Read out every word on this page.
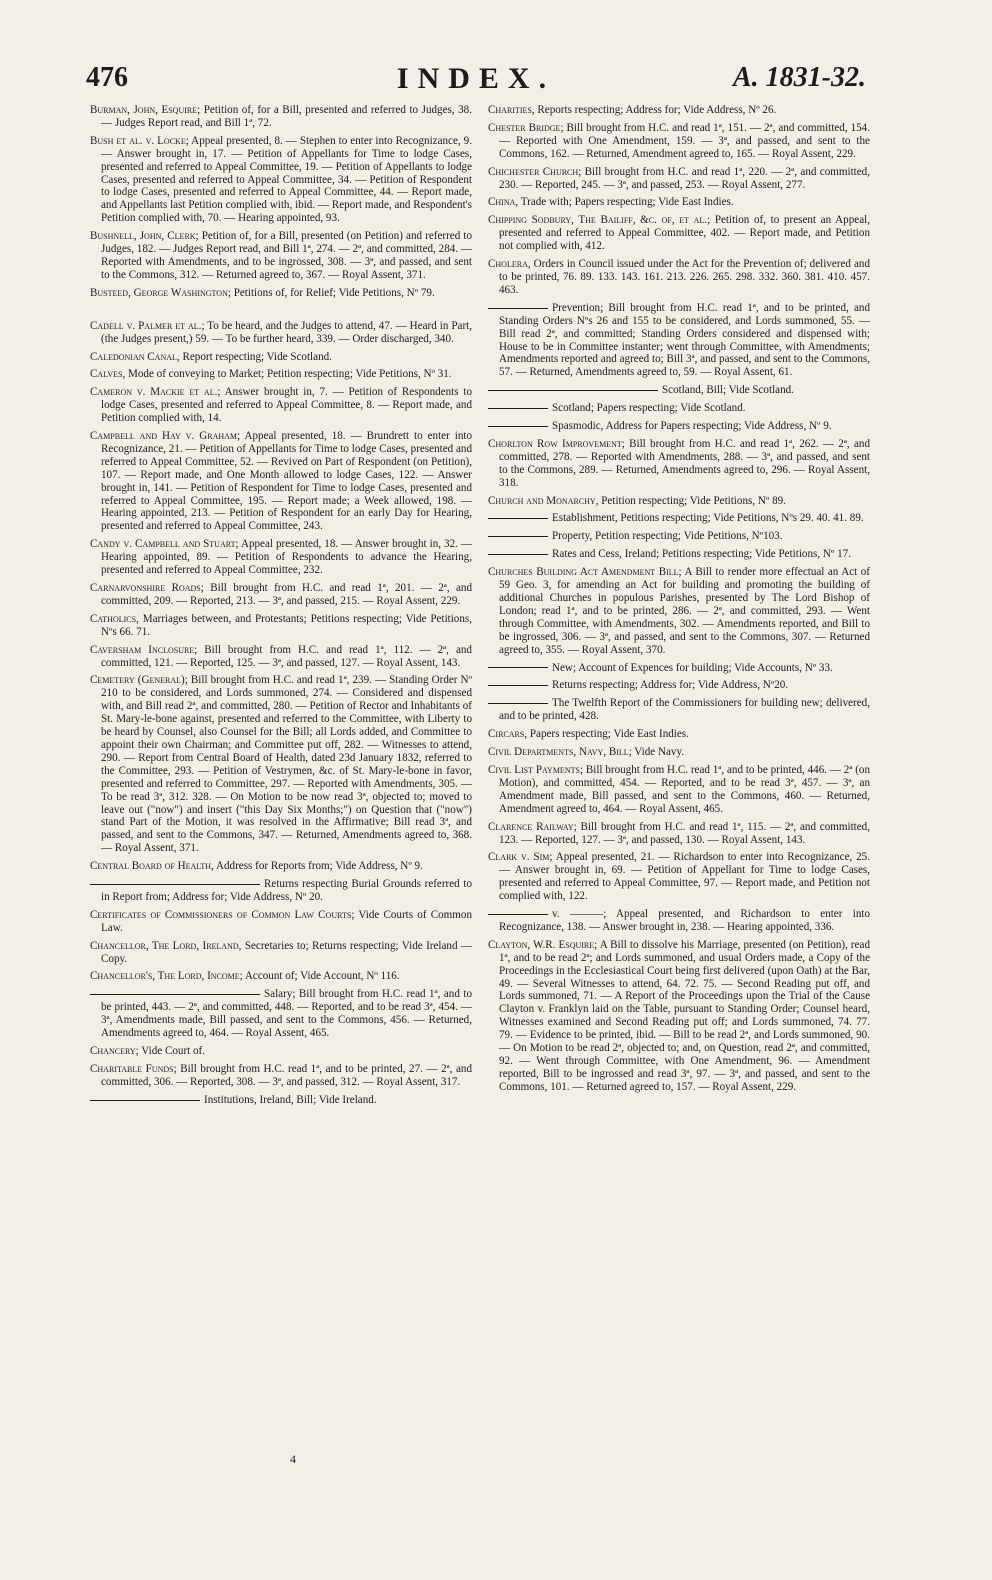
476	INDEX.	A. 1831-32.

Burman, John, Esquire; Petition of, for a Bill, presented and referred to Judges, 38. — Judges Report read, and Bill 1ª, 72.

Bush et al. v. Locke; Appeal presented, 8. — Stephen to enter into Recognizance, 9. — Answer brought in, 17. — Petition of Appellants for Time to lodge Cases, presented and referred to Appeal Committee, 19. — Petition of Appellants to lodge Cases, presented and referred to Appeal Committee, 34. — Petition of Respondent to lodge Cases, presented and referred to Appeal Committee, 44. — Report made, and Appellants last Petition complied with, ibid. — Report made, and Respondent's Petition complied with, 70. — Hearing appointed, 93.

Bushnell, John, Clerk; Petition of, for a Bill, presented (on Petition) and referred to Judges, 182. — Judges Report read, and Bill 1ª, 274. — 2ª, and committed, 284. — Reported with Amendments, and to be ingrossed, 308. — 3ª, and passed, and sent to the Commons, 312. — Returned agreed to, 367. — Royal Assent, 371.

Busteed, George Washington; Petitions of, for Relief; Vide Petitions, Nº 79.

Cadell v. Palmer et al.; To be heard, and the Judges to attend, 47. — Heard in Part, (the Judges present,) 59. — To be further heard, 339. — Order discharged, 340.

Caledonian Canal, Report respecting; Vide Scotland.

Calves, Mode of conveying to Market; Petition respecting; Vide Petitions, Nº 31.

Cameron v. Mackie et al.; Answer brought in, 7. — Petition of Respondents to lodge Cases, presented and referred to Appeal Committee, 8. — Report made, and Petition complied with, 14.

Campbell and Hay v. Graham; Appeal presented, 18. — Brundrett to enter into Recognizance, 21. — Petition of Appellants for Time to lodge Cases, presented and referred to Appeal Committee, 52. — Revived on Part of Respondent (on Petition), 107. — Report made, and One Month allowed to lodge Cases, 122. — Answer brought in, 141. — Petition of Respondent for Time to lodge Cases, presented and referred to Appeal Committee, 195. — Report made; a Week allowed, 198. — Hearing appointed, 213. — Petition of Respondent for an early Day for Hearing, presented and referred to Appeal Committee, 243.

Candy v. Campbell and Stuart; Appeal presented, 18. — Answer brought in, 32. — Hearing appointed, 89. — Petition of Respondents to advance the Hearing, presented and referred to Appeal Committee, 232.

Carnarvonshire Roads; Bill brought from H.C. and read 1ª, 201. — 2ª, and committed, 209. — Reported, 213. — 3ª, and passed, 215. — Royal Assent, 229.

Catholics, Marriages between, and Protestants; Petitions respecting; Vide Petitions, Nºs 66. 71.

Caversham Inclosure; Bill brought from H.C. and read 1ª, 112. — 2ª, and committed, 121. — Reported, 125. — 3ª, and passed, 127. — Royal Assent, 143.

Cemetery (General); Bill brought from H.C. and read 1ª, 239. — Standing Order Nº 210 to be considered, and Lords summoned, 274. — Considered and dispensed with, and Bill read 2ª, and committed, 280. — Petition of Rector and Inhabitants of St. Mary-le-bone against, presented and referred to the Committee, with Liberty to be heard by Counsel, also Counsel for the Bill; all Lords added, and Committee to appoint their own Chairman; and Committee put off, 282. — Witnesses to attend, 290. — Report from Central Board of Health, dated 23d January 1832, referred to the Committee, 293. — Petition of Vestrymen, &c. of St. Mary-le-bone in favor, presented and referred to Committee, 297. — Reported with Amendments, 305. — To be read 3ª, 312. 328. — On Motion to be now read 3ª, objected to; moved to leave out ("now") and insert ("this Day Six Months;") on Question that ("now") stand Part of the Motion, it was resolved in the Affirmative; Bill read 3ª, and passed, and sent to the Commons, 347. — Returned, Amendments agreed to, 368. — Royal Assent, 371.

Central Board of Health, Address for Reports from; Vide Address, Nº 9.

Returns respecting Burial Grounds referred to in Report from; Address for; Vide Address, Nº 20.

Certificates of Commissioners of Common Law Courts; Vide Courts of Common Law.

Chancellor, The Lord, Ireland, Secretaries to; Returns respecting; Vide Ireland — Copy.

Chancellor's, The Lord, Income; Account of; Vide Account, Nº 116.

Salary; Bill brought from H.C. read 1ª, and to be printed, 443. — 2ª, and committed, 448. — Reported, and to be read 3ª, 454. — 3ª, Amendments made, Bill passed, and sent to the Commons, 456. — Returned, Amendments agreed to, 464. — Royal Assent, 465.

Chancery; Vide Court of.

Charitable Funds; Bill brought from H.C. read 1ª, and to be printed, 27. — 2ª, and committed, 306. — Reported, 308. — 3ª, and passed, 312. — Royal Assent, 317.

Institutions, Ireland, Bill; Vide Ireland.

Charities, Reports respecting; Address for; Vide Address, Nº 26.

Chester Bridge; Bill brought from H.C. and read 1ª, 151. — 2ª, and committed, 154. — Reported with One Amendment, 159. — 3ª, and passed, and sent to the Commons, 162. — Returned, Amendment agreed to, 165. — Royal Assent, 229.

Chichester Church; Bill brought from H.C. and read 1ª, 220. — 2ª, and committed, 230. — Reported, 245. — 3ª, and passed, 253. — Royal Assent, 277.

China, Trade with; Papers respecting; Vide East Indies.

Chipping Sodbury, The Bailiff, &c. of, et al.; Petition of, to present an Appeal, presented and referred to Appeal Committee, 402. — Report made, and Petition not complied with, 412.

Cholera, Orders in Council issued under the Act for the Prevention of; delivered and to be printed, 76. 89. 133. 143. 161. 213. 226. 265. 298. 332. 360. 381. 410. 457. 463.

Prevention; Bill brought from H.C. read 1ª, and to be printed, and Standing Orders Nºs 26 and 155 to be considered, and Lords summoned, 55. — Bill read 2ª, and committed; Standing Orders considered and dispensed with; House to be in Committee instanter; went through Committee, with Amendments; Amendments reported and agreed to; Bill 3ª, and passed, and sent to the Commons, 57. — Returned, Amendments agreed to, 59. — Royal Assent, 61.

Scotland, Bill; Vide Scotland.

Scotland; Papers respecting; Vide Scotland.

Spasmodic, Address for Papers respecting; Vide Address, Nº 9.

Chorlton Row Improvement; Bill brought from H.C. and read 1ª, 262. — 2ª, and committed, 278. — Reported with Amendments, 288. — 3ª, and passed, and sent to the Commons, 289. — Returned, Amendments agreed to, 296. — Royal Assent, 318.

Church and Monarchy, Petition respecting; Vide Petitions, Nº 89.

Establishment, Petitions respecting; Vide Petitions, Nºs 29. 40. 41. 89.

Property, Petition respecting; Vide Petitions, Nº103.

Rates and Cess, Ireland; Petitions respecting; Vide Petitions, Nº 17.

Churches Building Act Amendment Bill; A Bill to render more effectual an Act of 59 Geo. 3, for amending an Act for building and promoting the building of additional Churches in populous Parishes, presented by The Lord Bishop of London; read 1ª, and to be printed, 286. — 2ª, and committed, 293. — Went through Committee, with Amendments, 302. — Amendments reported, and Bill to be ingrossed, 306. — 3ª, and passed, and sent to the Commons, 307. — Returned agreed to, 355. — Royal Assent, 370.

New; Account of Expences for building; Vide Accounts, Nº 33.

Returns respecting; Address for; Vide Address, Nº20.

The Twelfth Report of the Commissioners for building new; delivered, and to be printed, 428.

Circars, Papers respecting; Vide East Indies.

Civil Departments, Navy, Bill; Vide Navy.

Civil List Payments; Bill brought from H.C. read 1ª, and to be printed, 446. — 2ª (on Motion), and committed, 454. — Reported, and to be read 3ª, 457. — 3ª, an Amendment made, Bill passed, and sent to the Commons, 460. — Returned, Amendment agreed to, 464. — Royal Assent, 465.

Clarence Railway; Bill brought from H.C. and read 1ª, 115. — 2ª, and committed, 123. — Reported, 127. — 3ª, and passed, 130. — Royal Assent, 143.

Clark v. Sim; Appeal presented, 21. — Richardson to enter into Recognizance, 25. — Answer brought in, 69. — Petition of Appellant for Time to lodge Cases, presented and referred to Appeal Committee, 97. — Report made, and Petition not complied with, 122.

v. ———; Appeal presented, and Richardson to enter into Recognizance, 138. — Answer brought in, 238. — Hearing appointed, 336.

Clayton, W.R. Esquire; A Bill to dissolve his Marriage, presented (on Petition), read 1ª, and to be read 2ª; and Lords summoned, and usual Orders made, a Copy of the Proceedings in the Ecclesiastical Court being first delivered (upon Oath) at the Bar, 49. — Several Witnesses to attend, 64. 72. 75. — Second Reading put off, and Lords summoned, 71. — A Report of the Proceedings upon the Trial of the Cause Clayton v. Franklyn laid on the Table, pursuant to Standing Order; Counsel heard, Witnesses examined and Second Reading put off; and Lords summoned, 74. 77. 79. — Evidence to be printed, ibid. — Bill to be read 2ª, and Lords summoned, 90. — On Motion to be read 2ª, objected to; and, on Question, read 2ª, and committed, 92. — Went through Committee, with One Amendment, 96. — Amendment reported, Bill to be ingrossed and read 3ª, 97. — 3ª, and passed, and sent to the Commons, 101. — Returned agreed to, 157. — Royal Assent, 229.

4
